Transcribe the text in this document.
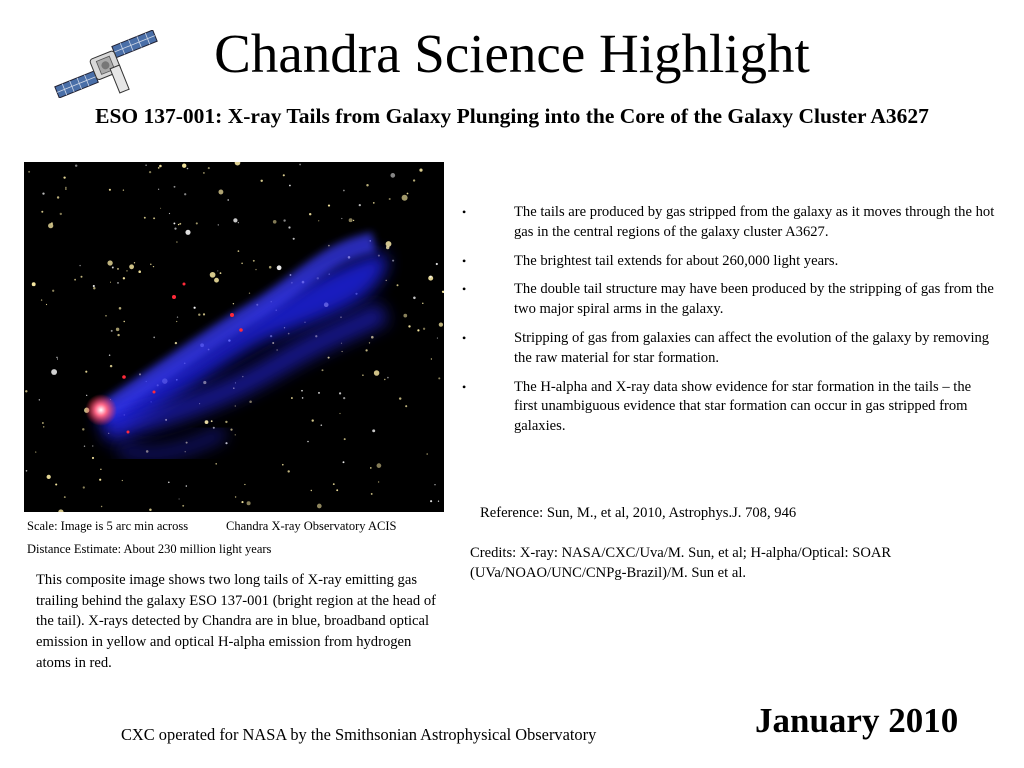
Chandra Science Highlight
ESO 137-001: X-ray Tails from Galaxy Plunging into the Core of the Galaxy Cluster A3627
Scale: Image is 5 arc min across	Chandra X-ray Observatory ACIS
Distance Estimate: About 230 million light years
This composite image shows two long tails of X-ray emitting gas trailing behind the galaxy ESO 137-001 (bright region at the head of the tail). X-rays detected by Chandra are in blue, broadband optical emission in yellow and optical H-alpha emission from hydrogen atoms in red.
•	The tails are produced by gas stripped from the galaxy as it moves through the hot gas in the central regions of the galaxy cluster A3627.
•	The brightest tail extends for about 260,000 light years.
•	The double tail structure may have been produced by the stripping of gas from the two major spiral arms in the galaxy.
•	Stripping of gas from galaxies can affect the evolution of the galaxy by removing the raw material for star formation.
•	The H-alpha and X-ray data show evidence for star formation in the tails – the first unambiguous evidence that star formation can occur in gas stripped from galaxies.
Reference: Sun, M., et al, 2010, Astrophys.J. 708, 946
Credits: X-ray: NASA/CXC/Uva/M. Sun, et al; H-alpha/Optical: SOAR (UVa/NOAO/UNC/CNPg-Brazil)/M. Sun et al.
CXC operated for NASA by the Smithsonian Astrophysical Observatory	January 2010
